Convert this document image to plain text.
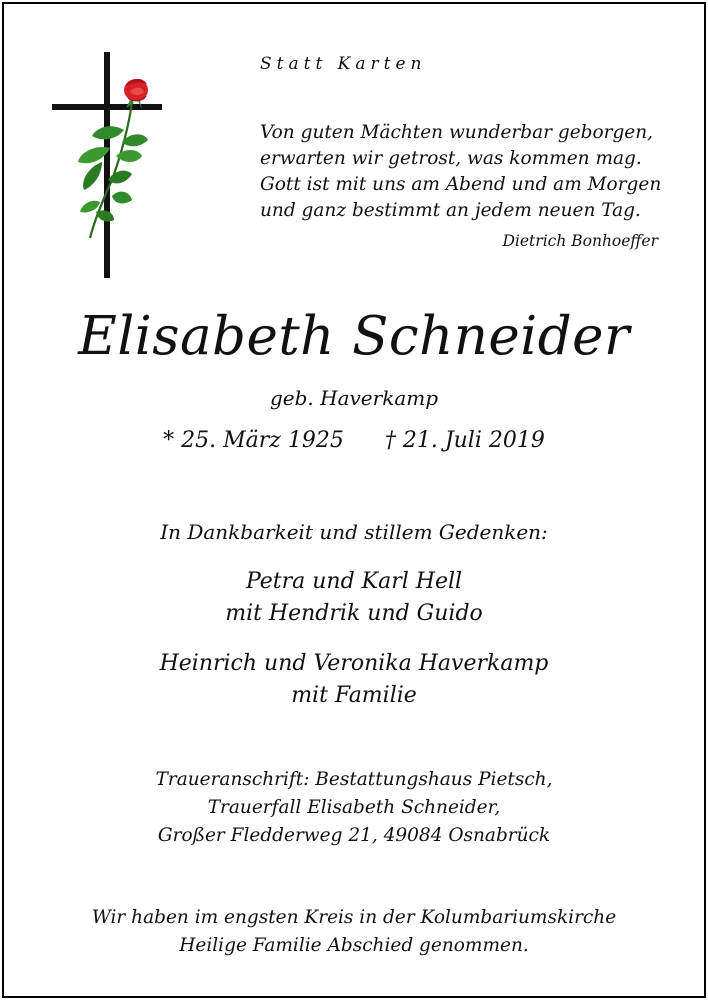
Statt Karten
Von guten Mächten wunderbar geborgen,
erwarten wir getrost, was kommen mag.
Gott ist mit uns am Abend und am Morgen
und ganz bestimmt an jedem neuen Tag.
Dietrich Bonhoeffer
Elisabeth Schneider
geb. Haverkamp
* 25. März 1925 † 21. Juli 2019
In Dankbarkeit und stillem Gedenken:
Petra und Karl Hell
mit Hendrik und Guido
Heinrich und Veronika Haverkamp
mit Familie
Traueranschrift: Bestattungshaus Pietsch,
Trauerfall Elisabeth Schneider,
Großer Fledderweg 21, 49084 Osnabrück
Wir haben im engsten Kreis in der Kolumbariumskirche
Heilige Familie Abschied genommen.
